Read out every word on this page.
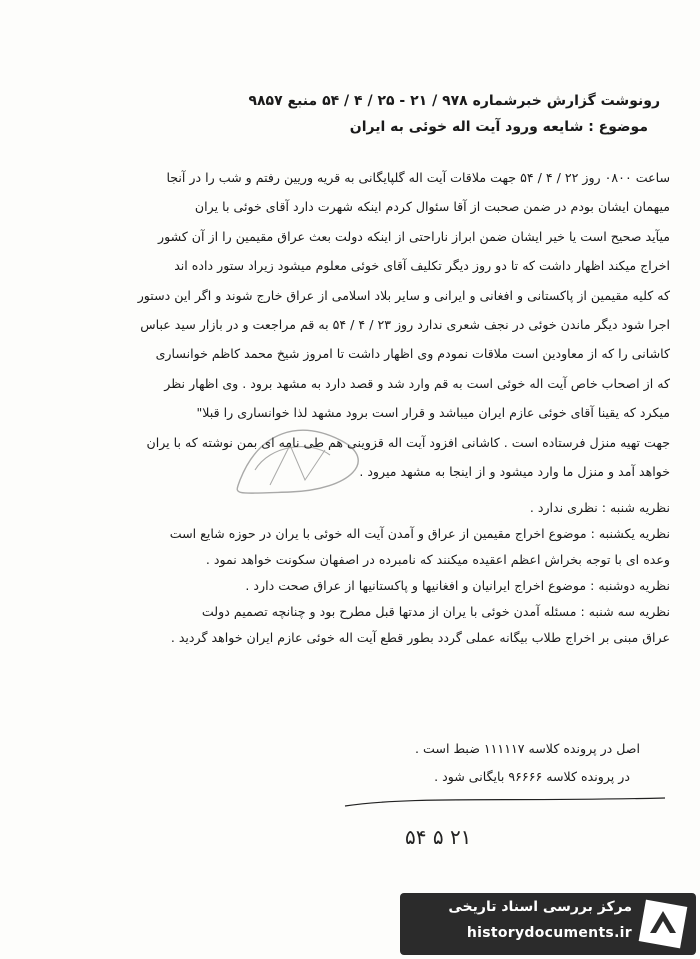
رونوشت گزارش خبرشماره ۹۷۸ / ۲۱ - ۲۵ / ۴ / ۵۴ منبع ۹۸۵۷
موضوع : شایعه ورود آیت اله خوئی به ایران
ساعت ۰۸۰۰ روز ۲۲ / ۴ / ۵۴ جهت ملاقات آیت اله گلپایگانی به قریه وریین رفتم و شب را در آنجا
میهمان ایشان بودم در ضمن صحبت از آقا سئوال کردم اینکه شهرت دارد آقای خوئی با یران
میآید صحیح است یا خیر ایشان ضمن ابراز ناراحتی از اینکه دولت بعث عراق مقیمین را از آن کشور
اخراج میکند اظهار داشت که تا دو روز دیگر تکلیف آقای خوئی معلوم میشود زیراد ستور داده اند
که کلیه مقیمین از پاکستانی و افغانی و ایرانی و سایر بلاد اسلامی از عراق خارج شوند و اگر این دستور
اجرا شود دیگر ماندن خوئی در نجف شعری ندارد روز ۲۳ / ۴ / ۵۴ به قم مراجعت و در بازار سید عباس
کاشانی را که از معاودین است ملاقات نمودم وی اظهار داشت تا امروز شیخ محمد کاظم خوانساری
که از اصحاب خاص آیت اله خوئی است به قم وارد شد و قصد دارد به مشهد برود . وی اظهار نظر
میکرد که یقینا آقای خوئی عازم ایران میباشد و قرار است برود مشهد لذا خوانساری را قبلا"
جهت تهیه منزل فرستاده است . کاشانی افزود آیت اله قزوینی هم طی نامه ای بمن نوشته که با یران
خواهد آمد و منزل ما وارد میشود و از اینجا به مشهد میرود .
نظریه شنبه : نظری ندارد .
نظریه یکشنبه : موضوع اخراج مقیمین از عراق و آمدن آیت اله خوئی با یران در حوزه شایع است
وعده ای با توجه بخراش اعظم اعقیده میکنند که نامبرده در اصفهان سکونت خواهد نمود .
نظریه دوشنبه : موضوع اخراج ایرانیان و افغانیها و پاکستانیها از عراق صحت دارد .
نظریه سه شنبه : مسئله آمدن خوئی با یران از مدتها قبل مطرح بود و چنانچه تصمیم دولت
عراق مبنی بر اخراج طلاب بیگانه عملی گردد بطور قطع آیت اله خوئی عازم ایران خواهد گردید .
اصل در پرونده کلاسه ۱۱۱۱۱۷ ضبط است .
در پرونده کلاسه ۹۶۶۶۶ بایگانی شود .
۵۴ ۵ ۲۱
مرکز بررسی اسناد تاریخی
historydocuments.ir
